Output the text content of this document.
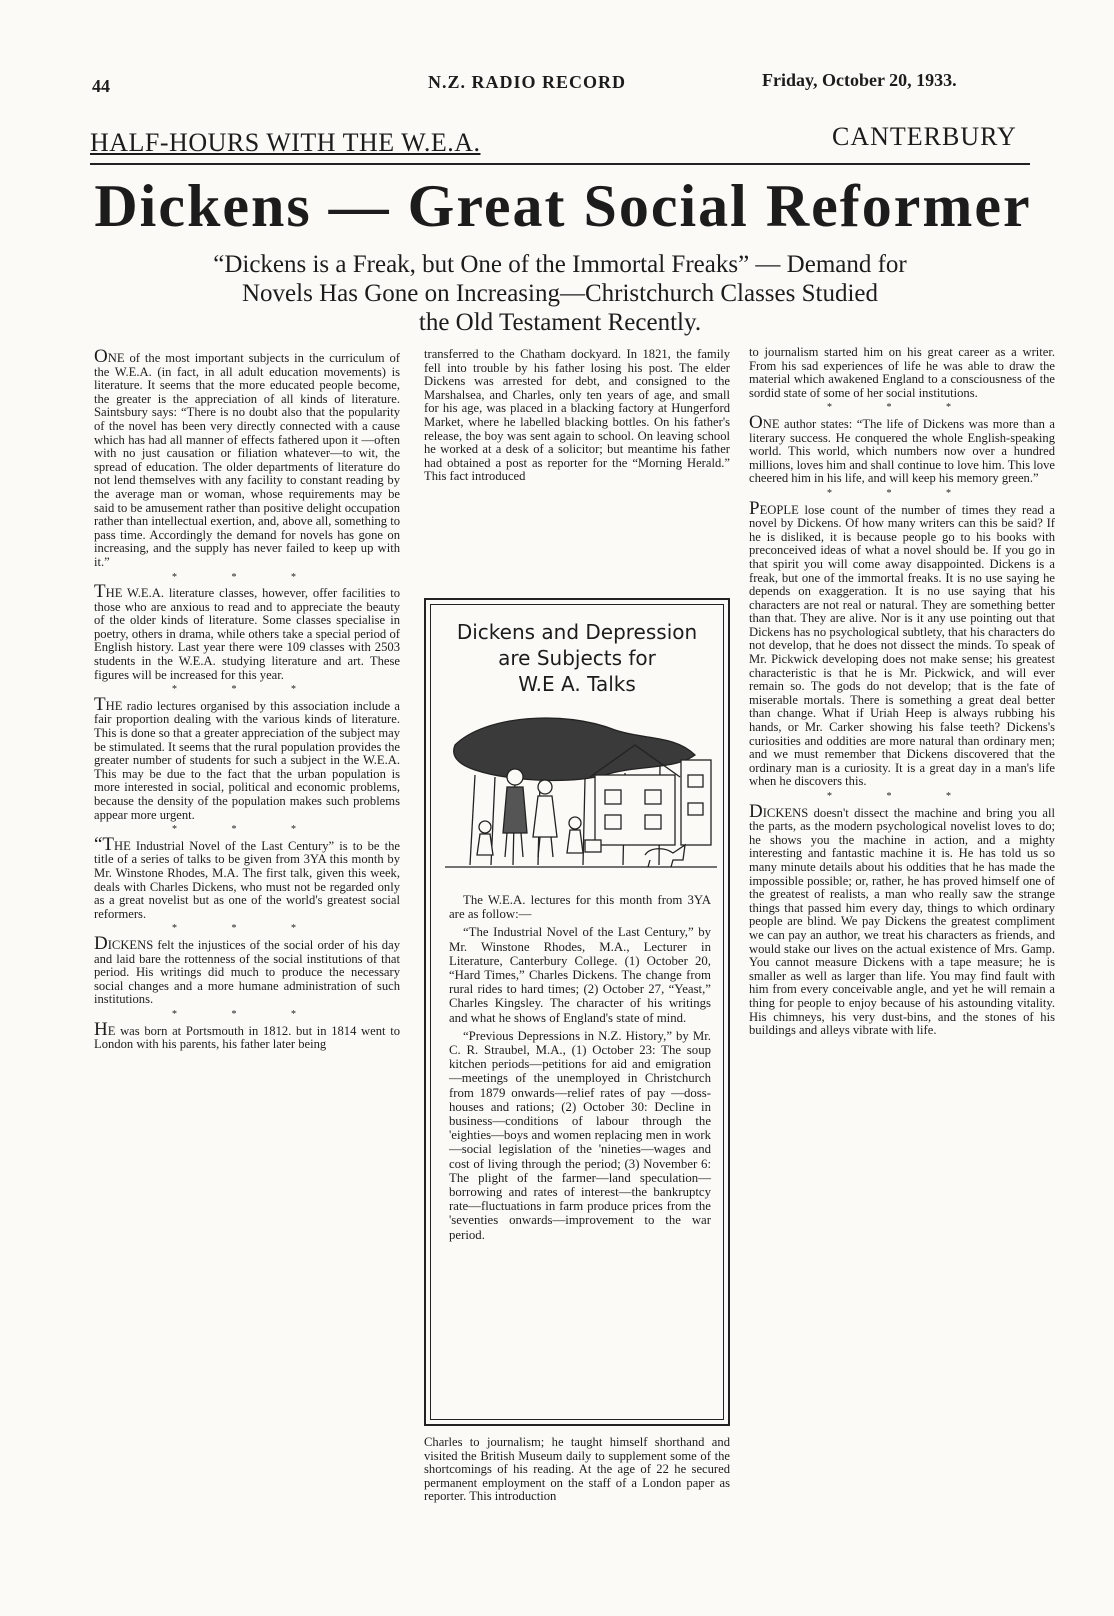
44	N.Z. RADIO RECORD	Friday, October 20, 1933.
HALF-HOURS WITH THE W.E.A.	CANTERBURY
Dickens — Great Social Reformer
“Dickens is a Freak, but One of the Immortal Freaks” — Demand for
Novels Has Gone on Increasing—Christchurch Classes Studied
the Old Testament Recently.

ONE of the most important subjects in the curriculum of the W.E.A. (in fact, in all adult education movements) is literature. It seems that the more educated people become, the greater is the appreciation of all kinds of literature. Saintsbury says: “There is no doubt also that the popularity of the novel has been very directly connected with a cause which has had all manner of effects fathered upon it —often with no just causation or filiation whatever—to wit, the spread of education. The older departments of literature do not lend themselves with any facility to constant reading by the average man or woman, whose requirements may be said to be amusement rather than positive delight occupation rather than intellectual exertion, and, above all, something to pass time. Accordingly the demand for novels has gone on increasing, and the supply has never failed to keep up with it.”

* * *

THE W.E.A. literature classes, however, offer facilities to those who are anxious to read and to appreciate the beauty of the older kinds of literature. Some classes specialise in poetry, others in drama, while others take a special period of English history. Last year there were 109 classes with 2503 students in the W.E.A. studying literature and art. These figures will be increased for this year.

* * *

THE radio lectures organised by this association include a fair proportion dealing with the various kinds of literature. This is done so that a greater appreciation of the subject may be stimulated. It seems that the rural population provides the greater number of students for such a subject in the W.E.A. This may be due to the fact that the urban population is more interested in social, political and economic problems, because the density of the population makes such problems appear more urgent.

* * *

“THE Industrial Novel of the Last Century” is to be the title of a series of talks to be given from 3YA this month by Mr. Winstone Rhodes, M.A. The first talk, given this week, deals with Charles Dickens, who must not be regarded only as a great novelist but as one of the world's greatest social reformers.

* * *

DICKENS felt the injustices of the social order of his day and laid bare the rottenness of the social institutions of that period. His writings did much to produce the necessary social changes and a more humane administration of such institutions.

* * *

HE was born at Portsmouth in 1812. but in 1814 went to London with his parents, his father later being

transferred to the Chatham dockyard. In 1821, the family fell into trouble by his father losing his post. The elder Dickens was arrested for debt, and consigned to the Marshalsea, and Charles, only ten years of age, and small for his age, was placed in a blacking factory at Hungerford Market, where he labelled blacking bottles. On his father's release, the boy was sent again to school. On leaving school he worked at a desk of a solicitor; but meantime his father had obtained a post as reporter for the “Morning Herald.” This fact introduced

Dickens and Depression
are Subjects for
W.E A. Talks

The W.E.A. lectures for this month from 3YA are as follow:—

“The Industrial Novel of the Last Century,” by Mr. Winstone Rhodes, M.A., Lecturer in Literature, Canterbury College. (1) October 20, “Hard Times,” Charles Dickens. The change from rural rides to hard times; (2) October 27, “Yeast,” Charles Kingsley. The character of his writings and what he shows of England's state of mind.

“Previous Depressions in N.Z. History,” by Mr. C. R. Straubel, M.A., (1) October 23: The soup kitchen periods—petitions for aid and emigration—meetings of the unemployed in Christchurch from 1879 onwards—relief rates of pay —doss-houses and rations; (2) October 30: Decline in business—conditions of labour through the 'eighties—boys and women replacing men in work—social legislation of the 'nineties—wages and cost of living through the period; (3) November 6: The plight of the farmer—land speculation—borrowing and rates of interest—the bankruptcy rate—fluctuations in farm produce prices from the 'seventies onwards—improvement to the war period.

Charles to journalism; he taught himself shorthand and visited the British Museum daily to supplement some of the shortcomings of his reading. At the age of 22 he secured permanent employment on the staff of a London paper as reporter. This introduction

to journalism started him on his great career as a writer. From his sad experiences of life he was able to draw the material which awakened England to a consciousness of the sordid state of some of her social institutions.

* * *

ONE author states: “The life of Dickens was more than a literary success. He conquered the whole English-speaking world. This world, which numbers now over a hundred millions, loves him and shall continue to love him. This love cheered him in his life, and will keep his memory green.”

* * *

PEOPLE lose count of the number of times they read a novel by Dickens. Of how many writers can this be said? If he is disliked, it is because people go to his books with preconceived ideas of what a novel should be. If you go in that spirit you will come away disappointed. Dickens is a freak, but one of the immortal freaks. It is no use saying he depends on exaggeration. It is no use saying that his characters are not real or natural. They are something better than that. They are alive. Nor is it any use pointing out that Dickens has no psychological subtlety, that his characters do not develop, that he does not dissect the minds. To speak of Mr. Pickwick developing does not make sense; his greatest characteristic is that he is Mr. Pickwick, and will ever remain so. The gods do not develop; that is the fate of miserable mortals. There is something a great deal better than change. What if Uriah Heep is always rubbing his hands, or Mr. Carker showing his false teeth? Dickens's curiosities and oddities are more natural than ordinary men; and we must remember that Dickens discovered that the ordinary man is a curiosity. It is a great day in a man's life when he discovers this.

* * *

DICKENS doesn't dissect the machine and bring you all the parts, as the modern psychological novelist loves to do; he shows you the machine in action, and a mighty interesting and fantastic machine it is. He has told us so many minute details about his oddities that he has made the impossible possible; or, rather, he has proved himself one of the greatest of realists, a man who really saw the strange things that passed him every day, things to which ordinary people are blind. We pay Dickens the greatest compliment we can pay an author, we treat his characters as friends, and would stake our lives on the actual existence of Mrs. Gamp. You cannot measure Dickens with a tape measure; he is smaller as well as larger than life. You may find fault with him from every conceivable angle, and yet he will remain a thing for people to enjoy because of his astounding vitality. His chimneys, his very dust-bins, and the stones of his buildings and alleys vibrate with life.
